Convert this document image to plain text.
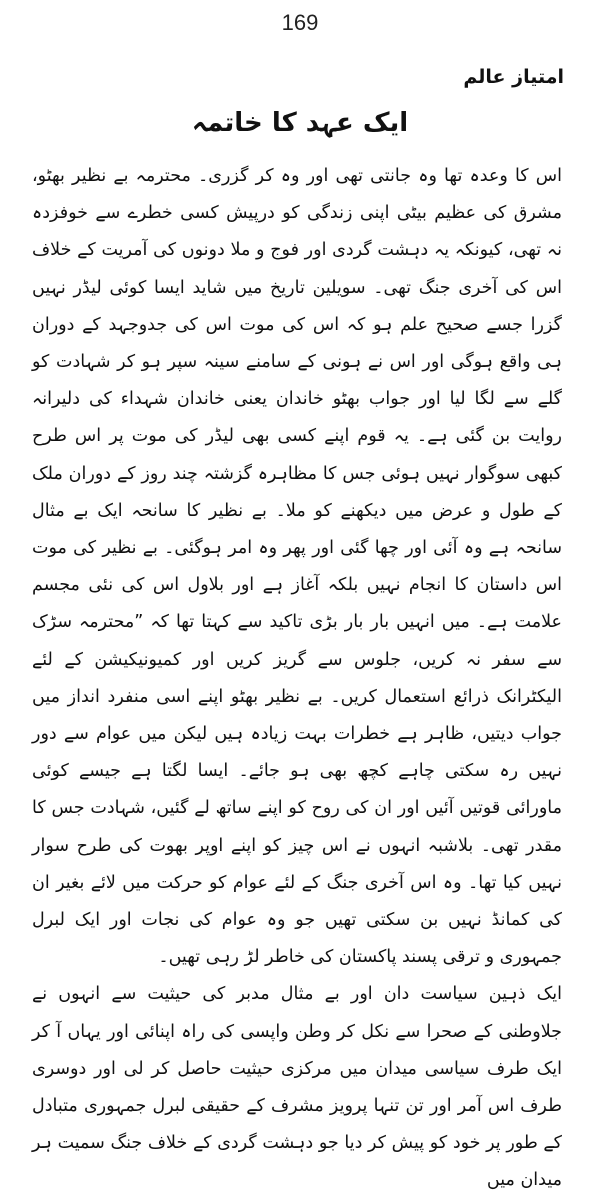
169
امتیاز عالم
ایک عہد کا خاتمہ

اس کا وعدہ تھا وہ جانتی تھی اور وہ کر گزری۔ محترمہ بے نظیر بھٹو، مشرق کی عظیم بیٹی اپنی زندگی کو درپیش کسی خطرے سے خوفزدہ نہ تھی، کیونکہ یہ دہشت گردی اور فوج و ملا دونوں کی آمریت کے خلاف اس کی آخری جنگ تھی۔ سویلین تاریخ میں شاید ایسا کوئی لیڈر نہیں گزرا جسے صحیح علم ہو کہ اس کی موت اس کی جدوجہد کے دوران ہی واقع ہوگی اور اس نے ہونی کے سامنے سینہ سپر ہو کر شہادت کو گلے سے لگا لیا اور جواب بھٹو خاندان یعنی خاندان شہداء کی دلیرانہ روایت بن گئی ہے۔ یہ قوم اپنے کسی بھی لیڈر کی موت پر اس طرح کبھی سوگوار نہیں ہوئی جس کا مظاہرہ گزشتہ چند روز کے دوران ملک کے طول و عرض میں دیکھنے کو ملا۔ بے نظیر کا سانحہ ایک بے مثال سانحہ ہے وہ آئی اور چھا گئی اور پھر وہ امر ہوگئی۔ بے نظیر کی موت اس داستان کا انجام نہیں بلکہ آغاز ہے اور بلاول اس کی نئی مجسم علامت ہے۔ میں انہیں بار بار بڑی تاکید سے کہتا تھا کہ ”محترمہ سڑک سے سفر نہ کریں، جلوس سے گریز کریں اور کمیونیکیشن کے لئے الیکٹرانک ذرائع استعمال کریں۔ بے نظیر بھٹو اپنے اسی منفرد انداز میں جواب دیتیں، ظاہر ہے خطرات بہت زیادہ ہیں لیکن میں عوام سے دور نہیں رہ سکتی چاہے کچھ بھی ہو جائے۔ ایسا لگتا ہے جیسے کوئی ماورائی قوتیں آئیں اور ان کی روح کو اپنے ساتھ لے گئیں، شہادت جس کا مقدر تھی۔ بلاشبہ انہوں نے اس چیز کو اپنے اوپر بھوت کی طرح سوار نہیں کیا تھا۔ وہ اس آخری جنگ کے لئے عوام کو حرکت میں لائے بغیر ان کی کمانڈ نہیں بن سکتی تھیں جو وہ عوام کی نجات اور ایک لبرل جمہوری و ترقی پسند پاکستان کی خاطر لڑ رہی تھیں۔

ایک ذہین سیاست دان اور بے مثال مدبر کی حیثیت سے انہوں نے جلاوطنی کے صحرا سے نکل کر وطن واپسی کی راہ اپنائی اور یہاں آ کر ایک طرف سیاسی میدان میں مرکزی حیثیت حاصل کر لی اور دوسری طرف اس آمر اور تن تنہا پرویز مشرف کے حقیقی لبرل جمہوری متبادل کے طور پر خود کو پیش کر دیا جو دہشت گردی کے خلاف جنگ سمیت ہر میدان میں
